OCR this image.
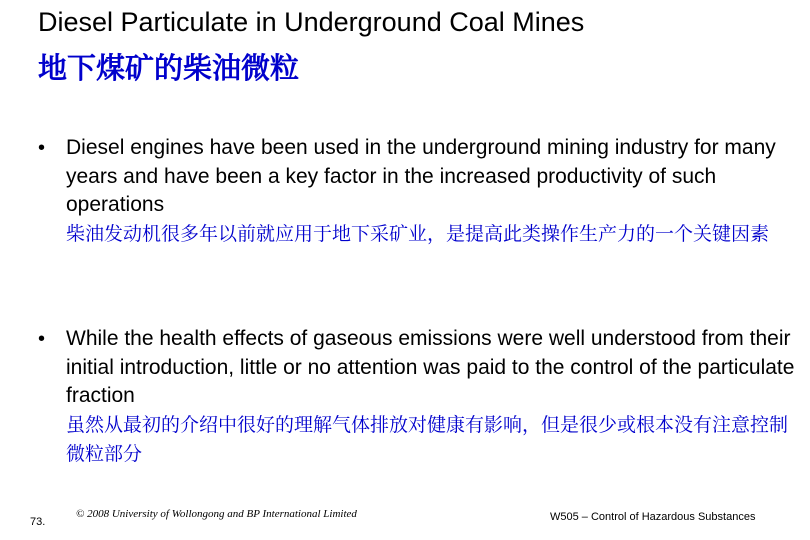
Diesel Particulate in Underground Coal Mines
地下煤矿的柴油微粒
• Diesel engines have been used in the underground mining industry for many years and have been a key factor in the increased productivity of such operations
柴油发动机很多年以前就应用于地下采矿业，是提高此类操作生产力的一个关键因素
• While the health effects of gaseous emissions were well understood from their initial introduction, little or no attention was paid to the control of the particulate fraction
虽然从最初的介绍中很好的理解气体排放对健康有影响，但是很少或根本没有注意控制微粒部分
73.
© 2008 University of Wollongong and BP International Limited	W505 – Control of Hazardous Substances
